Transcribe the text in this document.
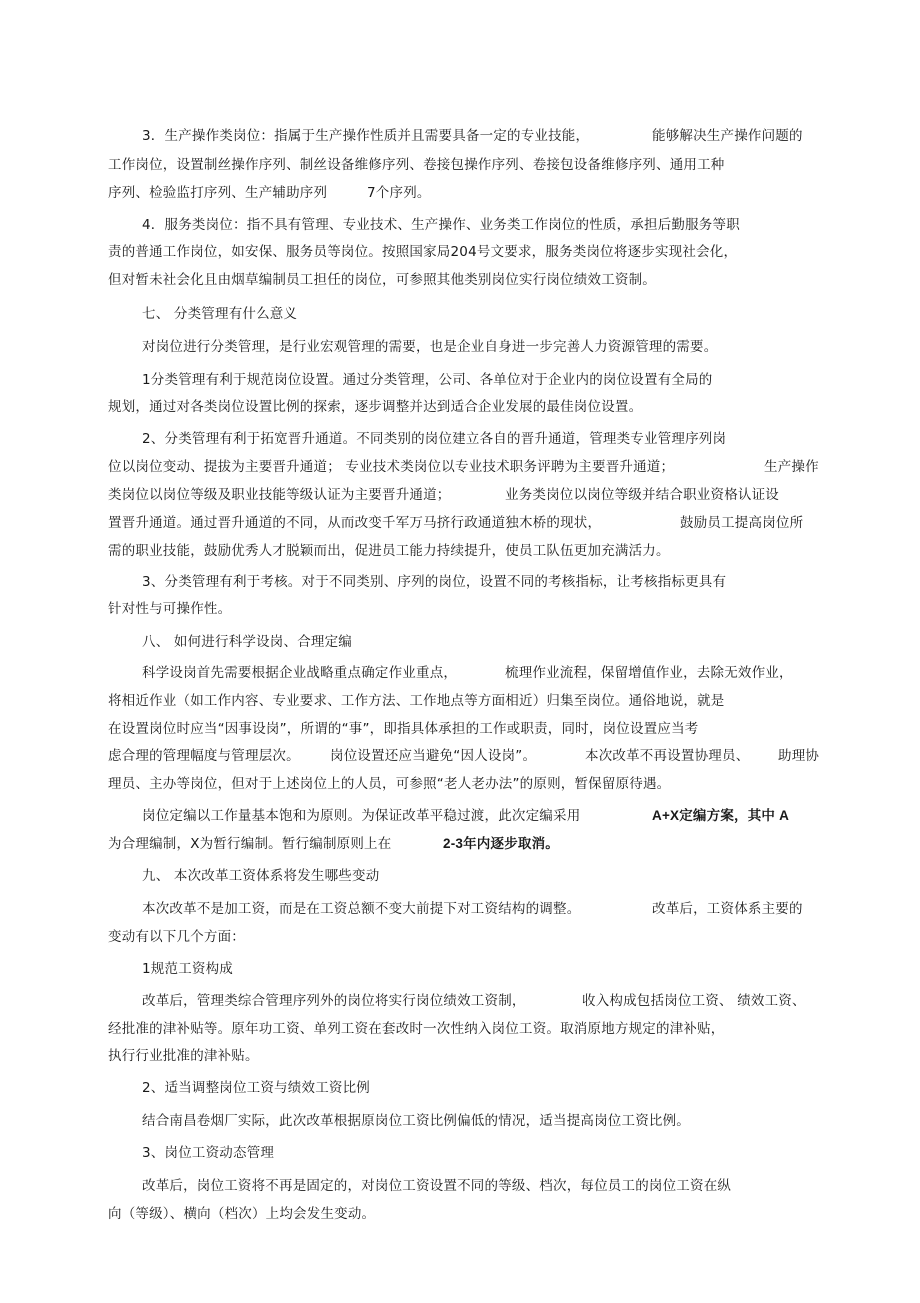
3．生产操作类岗位：指属于生产操作性质并且需要具备一定的专业技能，	能够解决生产操作问题的
工作岗位，设置制丝操作序列、制丝设备维修序列、卷接包操作序列、卷接包设备维修序列、通用工种
序列、检验监打序列、生产辅助序列	7个序列。
4．服务类岗位：指不具有管理、专业技术、生产操作、业务类工作岗位的性质，承担后勤服务等职
责的普通工作岗位，如安保、服务员等岗位。按照国家局204号文要求，服务类岗位将逐步实现社会化，
但对暂未社会化且由烟草编制员工担任的岗位，可参照其他类别岗位实行岗位绩效工资制。
七、 分类管理有什么意义
对岗位进行分类管理，是行业宏观管理的需要，也是企业自身进一步完善人力资源管理的需要。
1分类管理有利于规范岗位设置。通过分类管理，公司、各单位对于企业内的岗位设置有全局的
规划，通过对各类岗位设置比例的探索，逐步调整并达到适合企业发展的最佳岗位设置。
2、分类管理有利于拓宽晋升通道。不同类别的岗位建立各自的晋升通道，管理类专业管理序列岗
位以岗位变动、提拔为主要晋升通道； 专业技术类岗位以专业技术职务评聘为主要晋升通道；	生产操作
类岗位以岗位等级及职业技能等级认证为主要晋升通道；	业务类岗位以岗位等级并结合职业资格认证设
置晋升通道。通过晋升通道的不同，从而改变千军万马挤行政通道独木桥的现状，	鼓励员工提高岗位所
需的职业技能，鼓励优秀人才脱颖而出，促进员工能力持续提升，使员工队伍更加充满活力。
3、分类管理有利于考核。对于不同类别、序列的岗位，设置不同的考核指标，让考核指标更具有
针对性与可操作性。
八、 如何进行科学设岗、合理定编
科学设岗首先需要根据企业战略重点确定作业重点，	梳理作业流程，保留增值作业，去除无效作业，
将相近作业（如工作内容、专业要求、工作方法、工作地点等方面相近）归集至岗位。通俗地说，就是
在设置岗位时应当“因事设岗”，所谓的“事”，即指具体承担的工作或职责，同时，岗位设置应当考
虑合理的管理幅度与管理层次。 岗位设置还应当避免“因人设岗”。	本次改革不再设置协理员、 助理协
理员、主办等岗位，但对于上述岗位上的人员，可参照“老人老办法”的原则，暂保留原待遇。
岗位定编以工作量基本饱和为原则。为保证改革平稳过渡，此次定编采用	A+X定编方案，其中 A
为合理编制，X为暂行编制。暂行编制原则上在	2-3年内逐步取消。
九、 本次改革工资体系将发生哪些变动
本次改革不是加工资，而是在工资总额不变大前提下对工资结构的调整。	改革后，工资体系主要的
变动有以下几个方面：
1规范工资构成
改革后，管理类综合管理序列外的岗位将实行岗位绩效工资制，	收入构成包括岗位工资、 绩效工资、
经批准的津补贴等。原年功工资、单列工资在套改时一次性纳入岗位工资。取消原地方规定的津补贴，
执行行业批准的津补贴。
2、适当调整岗位工资与绩效工资比例
结合南昌卷烟厂实际，此次改革根据原岗位工资比例偏低的情况，适当提高岗位工资比例。
3、岗位工资动态管理
改革后，岗位工资将不再是固定的，对岗位工资设置不同的等级、档次，每位员工的岗位工资在纵
向（等级）、横向（档次）上均会发生变动。
